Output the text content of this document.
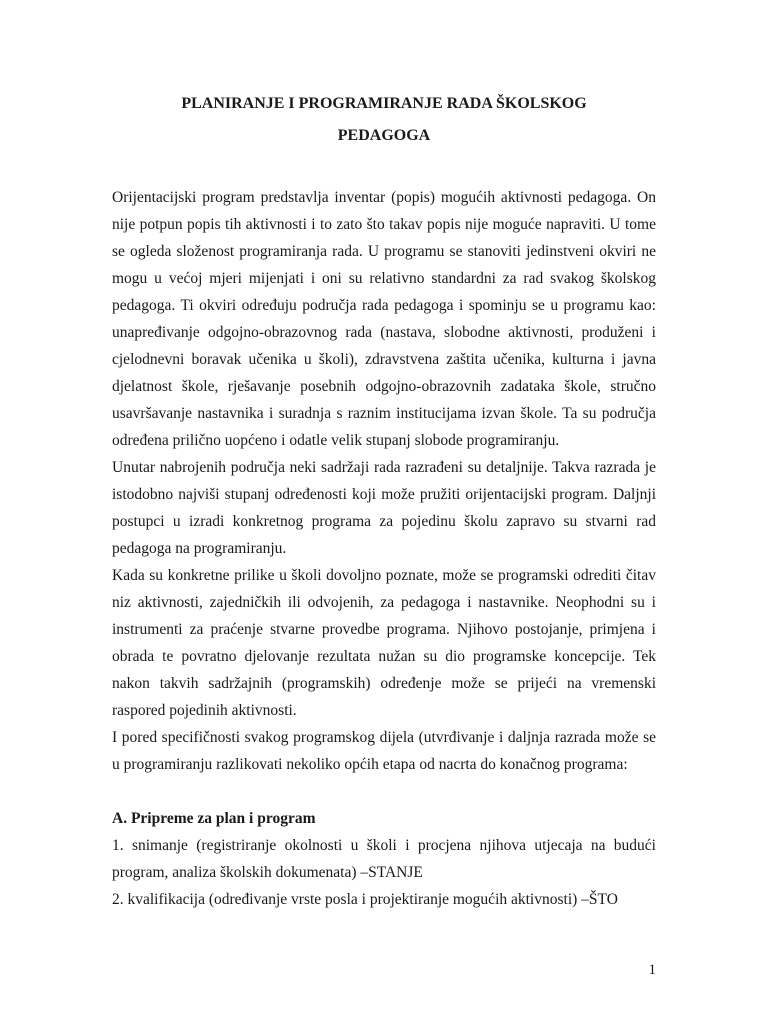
PLANIRANJE I PROGRAMIRANJE RADA ŠKOLSKOG
PEDAGOGA

Orijentacijski program predstavlja inventar (popis) mogućih aktivnosti pedagoga. On nije potpun popis tih aktivnosti i to zato što takav popis nije moguće napraviti. U tome se ogleda složenost programiranja rada. U programu se stanoviti jedinstveni okviri ne mogu u većoj mjeri mijenjati i oni su relativno standardni za rad svakog školskog pedagoga. Ti okviri određuju područja rada pedagoga i spominju se u programu kao: unapređivanje odgojno-obrazovnog rada (nastava, slobodne aktivnosti, produženi i cjelodnevni boravak učenika u školi), zdravstvena zaštita učenika, kulturna i javna djelatnost škole, rješavanje posebnih odgojno-obrazovnih zadataka škole, stručno usavršavanje nastavnika i suradnja s raznim institucijama izvan škole. Ta su područja određena prilično uopćeno i odatle velik stupanj slobode programiranju.

Unutar nabrojenih područja neki sadržaji rada razrađeni su detaljnije. Takva razrada je istodobno najviši stupanj određenosti koji može pružiti orijentacijski program. Daljnji postupci u izradi konkretnog programa za pojedinu školu zapravo su stvarni rad pedagoga na programiranju.

Kada su konkretne prilike u školi dovoljno poznate, može se programski odrediti čitav niz aktivnosti, zajedničkih ili odvojenih, za pedagoga i nastavnike. Neophodni su i instrumenti za praćenje stvarne provedbe programa. Njihovo postojanje, primjena i obrada te povratno djelovanje rezultata nužan su dio programske koncepcije. Tek nakon takvih sadržajnih (programskih) određenje može se prijeći na vremenski raspored pojedinih aktivnosti.

I pored specifičnosti svakog programskog dijela (utvrđivanje i daljnja razrada može se u programiranju razlikovati nekoliko općih etapa od nacrta do konačnog programa:

A. Pripreme za plan i program

1. snimanje (registriranje okolnosti u školi i procjena njihova utjecaja na budući program, analiza školskih dokumenata) –STANJE

2. kvalifikacija (određivanje vrste posla i projektiranje mogućih aktivnosti) –ŠTO

1
